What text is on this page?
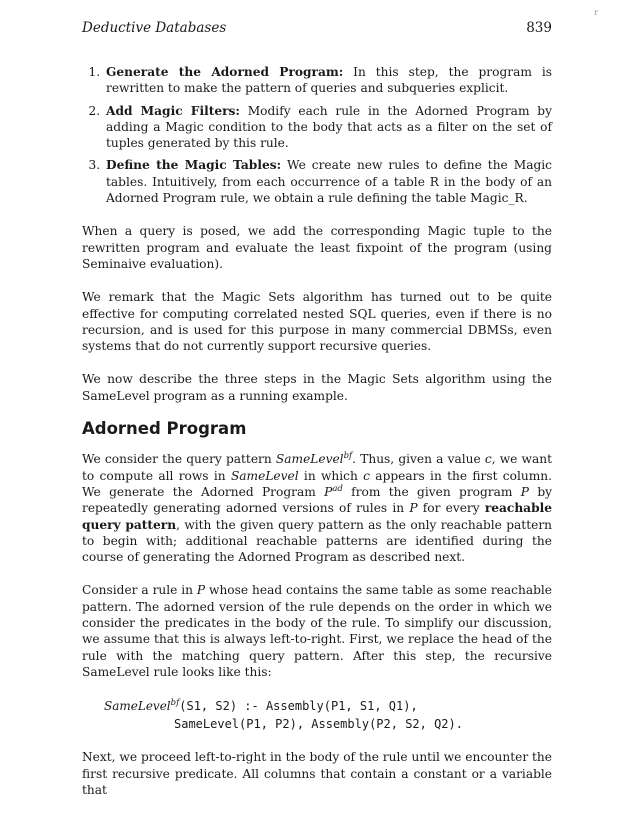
Deductive Databases	839
r
1. Generate the Adorned Program: In this step, the program is rewritten to make the pattern of queries and subqueries explicit.
2. Add Magic Filters: Modify each rule in the Adorned Program by adding a Magic condition to the body that acts as a filter on the set of tuples generated by this rule.
3. Define the Magic Tables: We create new rules to define the Magic tables. Intuitively, from each occurrence of a table R in the body of an Adorned Program rule, we obtain a rule defining the table Magic_R.

When a query is posed, we add the corresponding Magic tuple to the rewritten program and evaluate the least fixpoint of the program (using Seminaive evaluation).

We remark that the Magic Sets algorithm has turned out to be quite effective for computing correlated nested SQL queries, even if there is no recursion, and is used for this purpose in many commercial DBMSs, even systems that do not currently support recursive queries.

We now describe the three steps in the Magic Sets algorithm using the SameLevel program as a running example.

Adorned Program

We consider the query pattern SameLevel$^{bf}$. Thus, given a value c, we want to compute all rows in SameLevel in which c appears in the first column. We generate the Adorned Program $P^{ad}$ from the given program P by repeatedly generating adorned versions of rules in P for every reachable query pattern, with the given query pattern as the only reachable pattern to begin with; additional reachable patterns are identified during the course of generating the Adorned Program as described next.

Consider a rule in P whose head contains the same table as some reachable pattern. The adorned version of the rule depends on the order in which we consider the predicates in the body of the rule. To simplify our discussion, we assume that this is always left-to-right. First, we replace the head of the rule with the matching query pattern. After this step, the recursive SameLevel rule looks like this:

SameLevel$^{bf}$(S1, S2) :- Assembly(P1, S1, Q1),
SameLevel(P1, P2), Assembly(P2, S2, Q2).

Next, we proceed left-to-right in the body of the rule until we encounter the first recursive predicate. All columns that contain a constant or a variable that
